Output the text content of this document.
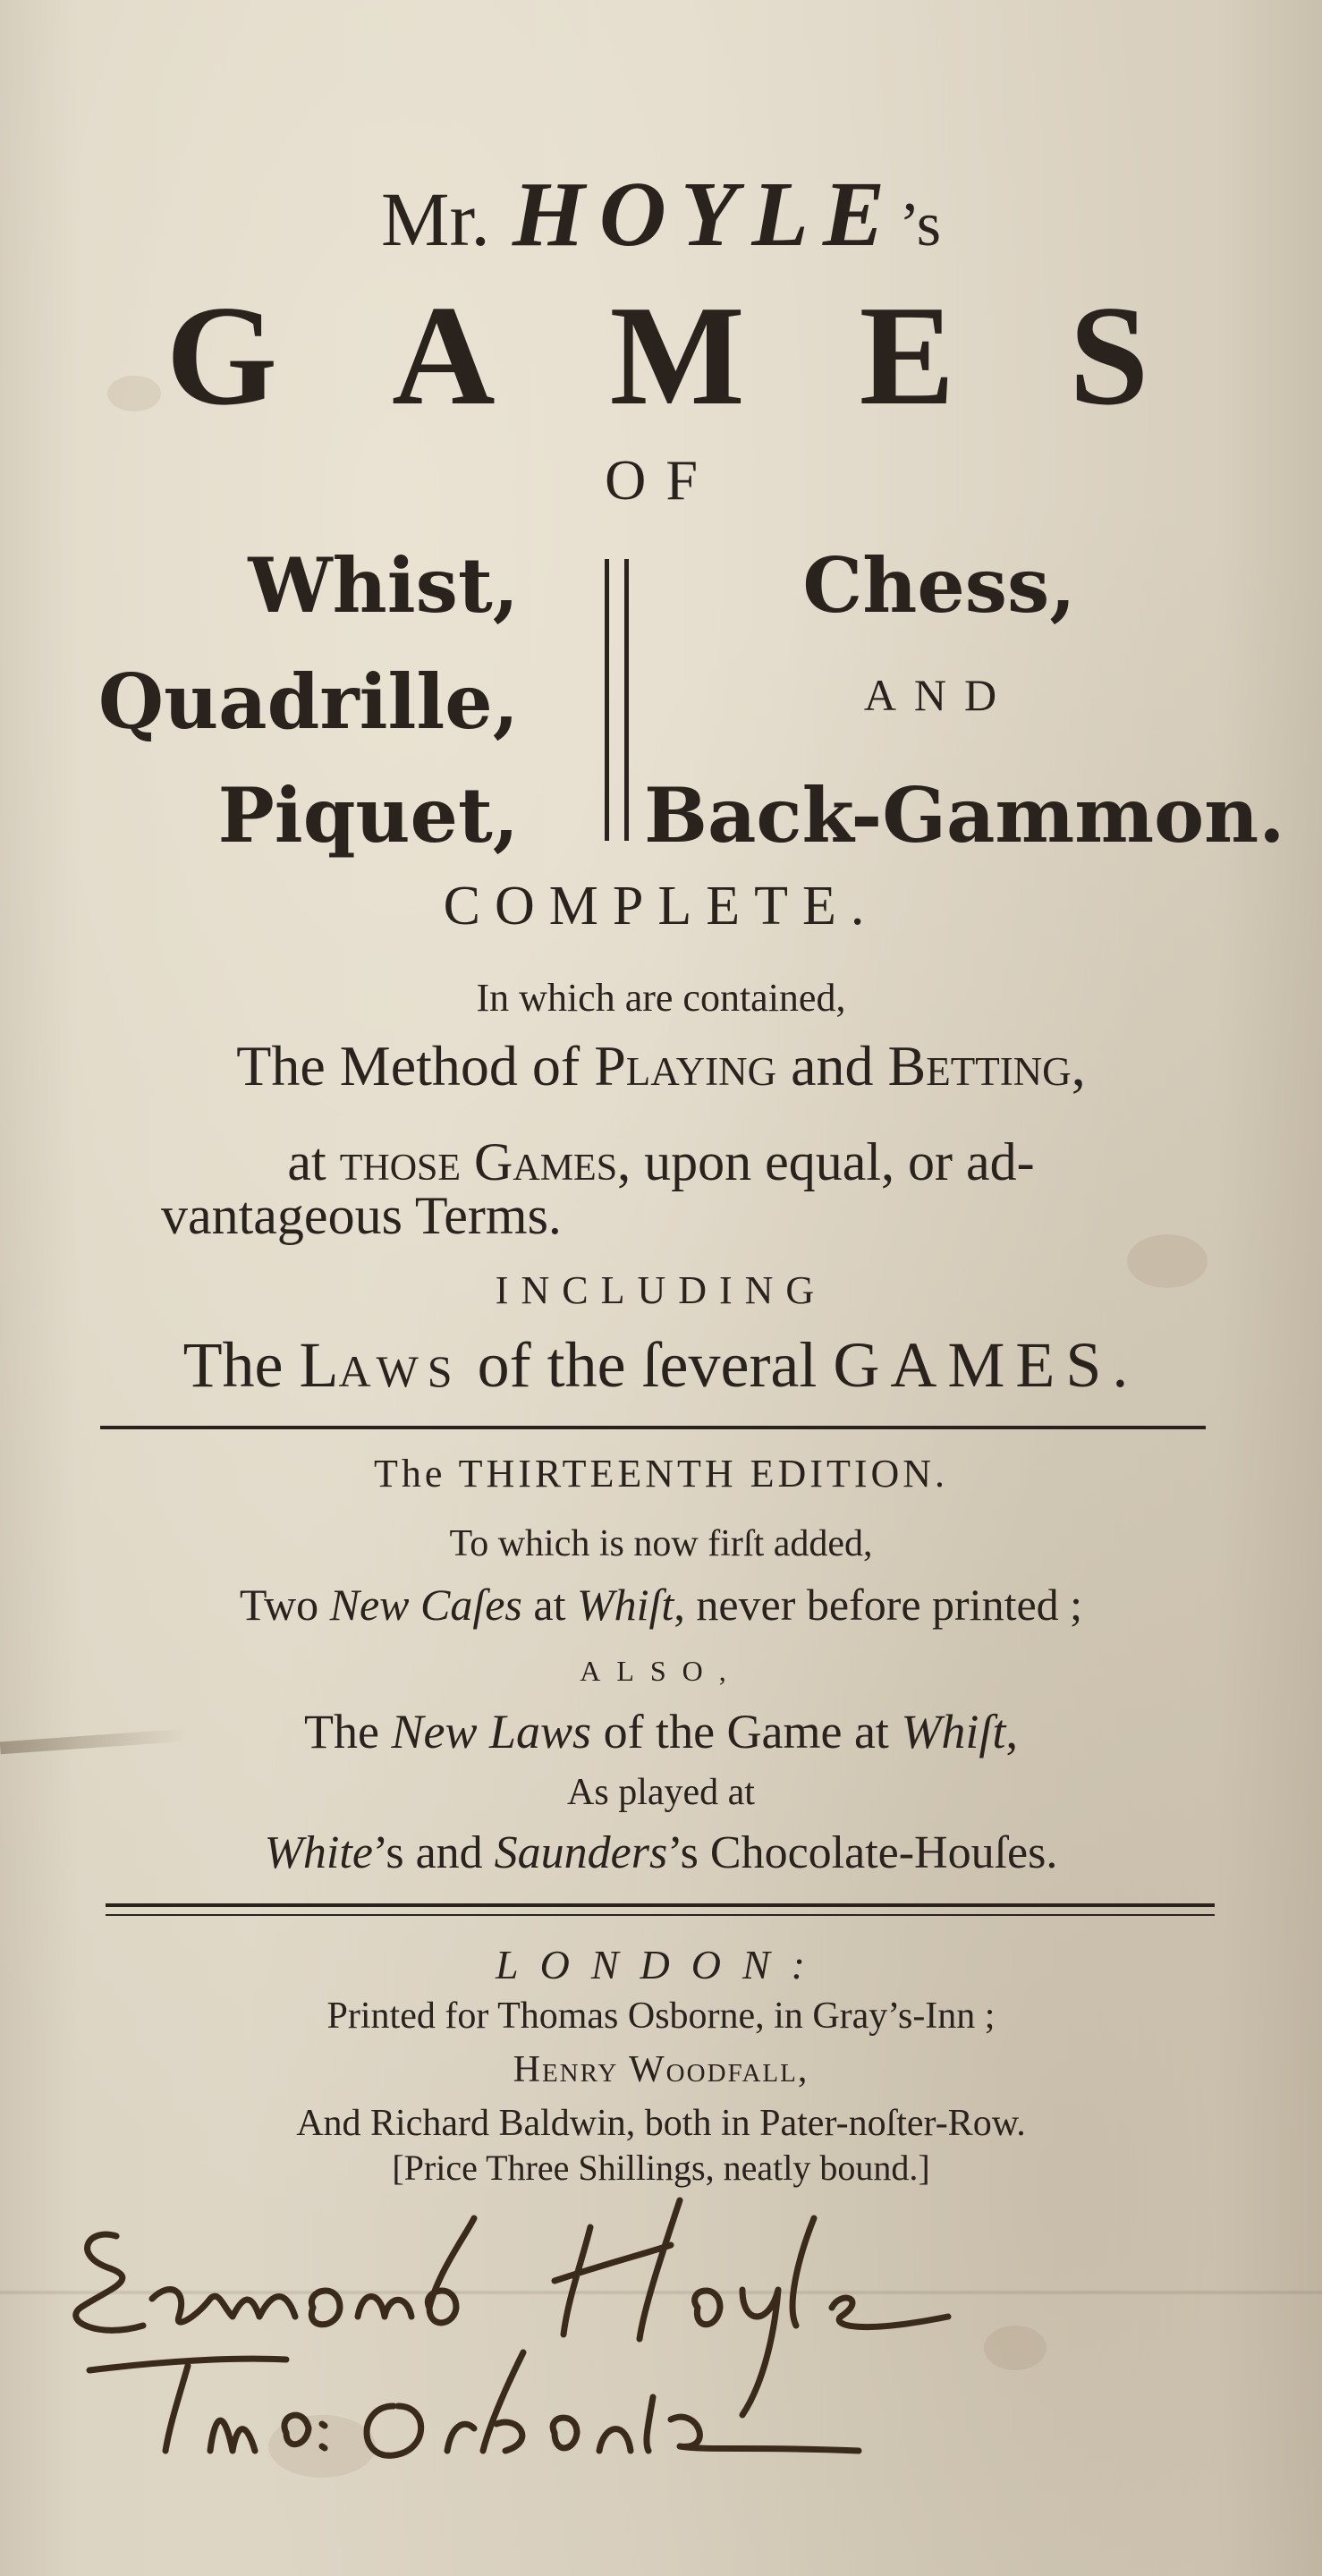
Mr. HOYLE’s
GAMES
OF
Whist,
Quadrille,
Piquet,
Chess,
AND
Back-Gammon.
COMPLETE.
In which are contained,
The Method of Playing and Betting,
at those Games, upon equal, or ad-
vantageous Terms.
INCLUDING
The Laws of the ſeveral GAMES.
The THIRTEENTH EDITION.
To which is now firſt added,
Two New Caſes at Whiſt, never before printed ;
ALSO,
The New Laws of the Game at Whiſt,
As played at
White’s and Saunders’s Chocolate-Houſes.
LONDON:
Printed for Thomas Osborne, in Gray’s-Inn ;
Henry Woodfall,
And Richard Baldwin, both in Pater-noſter-Row.
[Price Three Shillings, neatly bound.]
